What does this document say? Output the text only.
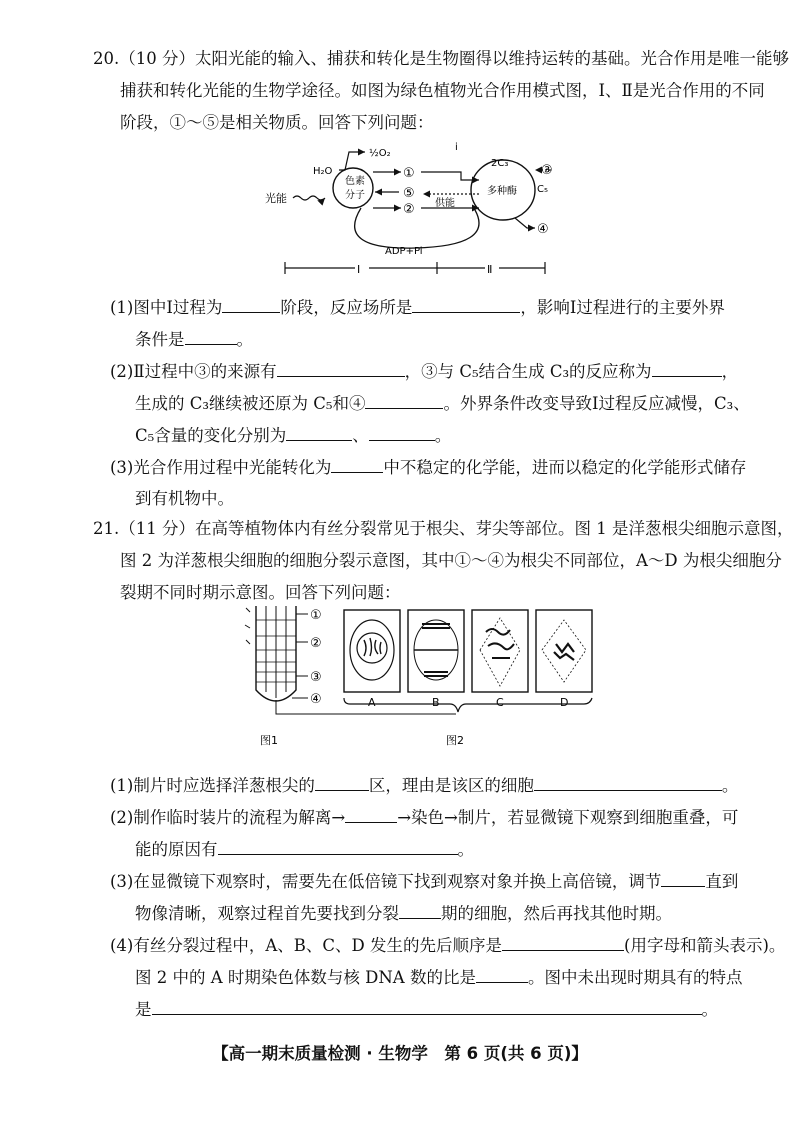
20.（10 分）太阳光能的输入、捕获和转化是生物圈得以维持运转的基础。光合作用是唯一能够
捕获和转化光能的生物学途径。如图为绿色植物光合作用模式图，Ⅰ、Ⅱ是光合作用的不同
阶段，①～⑤是相关物质。回答下列问题：
色素
分子
光能
H₂O
½O₂
①
⑤
② 供能
i
2C₃
C₅
多种酶
③
④
ADP+Pi
Ⅰ	Ⅱ
(1)图中Ⅰ过程为	阶段，反应场所是	，影响Ⅰ过程进行的主要外界
条件是	。
(2)Ⅱ过程中③的来源有	，③与 C₅结合生成 C₃的反应称为	，
生成的 C₃继续被还原为 C₅和④	。外界条件改变导致Ⅰ过程反应减慢，C₃、
C₅含量的变化分别为	、	。
(3)光合作用过程中光能转化为	中不稳定的化学能，进而以稳定的化学能形式储存
到有机物中。
21.（11 分）在高等植物体内有丝分裂常见于根尖、芽尖等部位。图 1 是洋葱根尖细胞示意图，
图 2 为洋葱根尖细胞的细胞分裂示意图，其中①～④为根尖不同部位，A～D 为根尖细胞分
裂期不同时期示意图。回答下列问题：
①
②
③
④	A	B	C	D
图1	图2
(1)制片时应选择洋葱根尖的	区，理由是该区的细胞	。
(2)制作临时装片的流程为解离→	→染色→制片，若显微镜下观察到细胞重叠，可
能的原因有	。
(3)在显微镜下观察时，需要先在低倍镜下找到观察对象并换上高倍镜，调节	直到
物像清晰，观察过程首先要找到分裂	期的细胞，然后再找其他时期。
(4)有丝分裂过程中，A、B、C、D 发生的先后顺序是	(用字母和箭头表示)。
图 2 中的 A 时期染色体数与核 DNA 数的比是	。图中未出现时期具有的特点
是	。
【高一期末质量检测 · 生物学　第 6 页(共 6 页)】
